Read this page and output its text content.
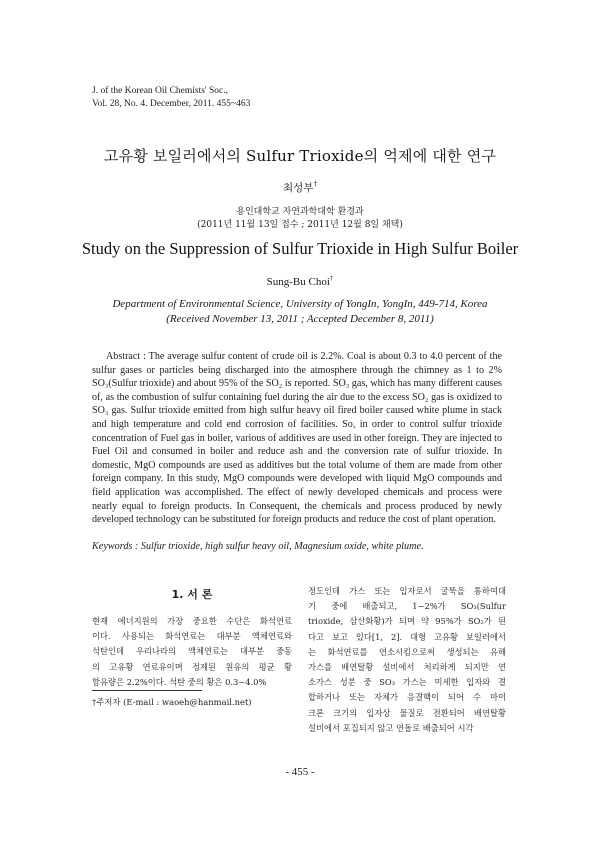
J. of the Korean Oil Chemists' Soc.,
Vol. 28, No. 4. December, 2011. 455~463
고유황 보일러에서의 Sulfur Trioxide의 억제에 대한 연구
최성부†
용인대학교 자연과학대학 환경과
(2011년 11월 13일 접수 ; 2011년 12월 8일 채택)
Study on the Suppression of Sulfur Trioxide in High Sulfur Boiler
Sung-Bu Choi†
Department of Environmental Science, University of YongIn, YongIn, 449-714, Korea
(Received November 13, 2011 ; Accepted December 8, 2011)
Abstract : The average sulfur content of crude oil is 2.2%. Coal is about 0.3 to 4.0 percent of the sulfur gases or particles being discharged into the atmosphere through the chimney as 1 to 2% SO₃(Sulfur trioxide) and about 95% of the SO₂ is reported. SO₃ gas, which has many different causes of, as the combustion of sulfur containing fuel during the air due to the excess SO₂ gas is oxidized to SO₃ gas. Sulfur trioxide emitted from high sulfur heavy oil fired boiler caused white plume in stack and high temperature and cold end corrosion of facilities. So, in order to control sulfur trioxide concentration of Fuel gas in boiler, various of additives are used in other foreign. They are injected to Fuel Oil and consumed in boiler and reduce ash and the conversion rate of sulfur trioxide. In domestic, MgO compounds are used as additives but the total volume of them are made from other foreign company. In this study, MgO compounds were developed with liquid MgO compounds and field application was accomplished. The effect of newly developed chemicals and process were nearly equal to foreign products. In Consequent, the chemicals and process produced by newly developed technology can be substituted for foreign products and reduce the cost of plant operation.
Keywords : Sulfur trioxide, high sulfur heavy oil, Magnesium oxide, white plume.
1. 서 론
현재 에너지원의 가장 중요한 수단은 화석연료
이다. 사용되는 화석연료는 대부분 액체연료와
석탄인데 우리나라의 액체연료는 대부분 중동
의 고유황 연료유이며 정제된 원유의 평균 황
함유량은 2.2%이다. 석탄 중의 황은 0.3~4.0%
†주저자 (E-mail : waoeh@hanmail.net)
정도인데 가스 또는 입자로서 굴뚝을 통하여대
기 중에 배출되고, 1~2%가 SO₃(Sulfur
trioxide, 삼산화황)가 되며 약 95%가 SO₂가 된
다고 보고 있다[1, 2]. 대형 고유황 보일러에서
는 화석연료를 연소시킴으로써 생성되는 유해
가스를 배연탈황 설비에서 처리하게 되지만 연
소가스 성분 중 SO₃ 가스는 미세한 입자와 결
합하거나 또는 자체가 응결핵이 되어 수 마이
크론 크기의 입자상 물질로 전환되어 배연탈황
설비에서 포집되지 않고 연돌로 배출되어 시각
- 455 -
